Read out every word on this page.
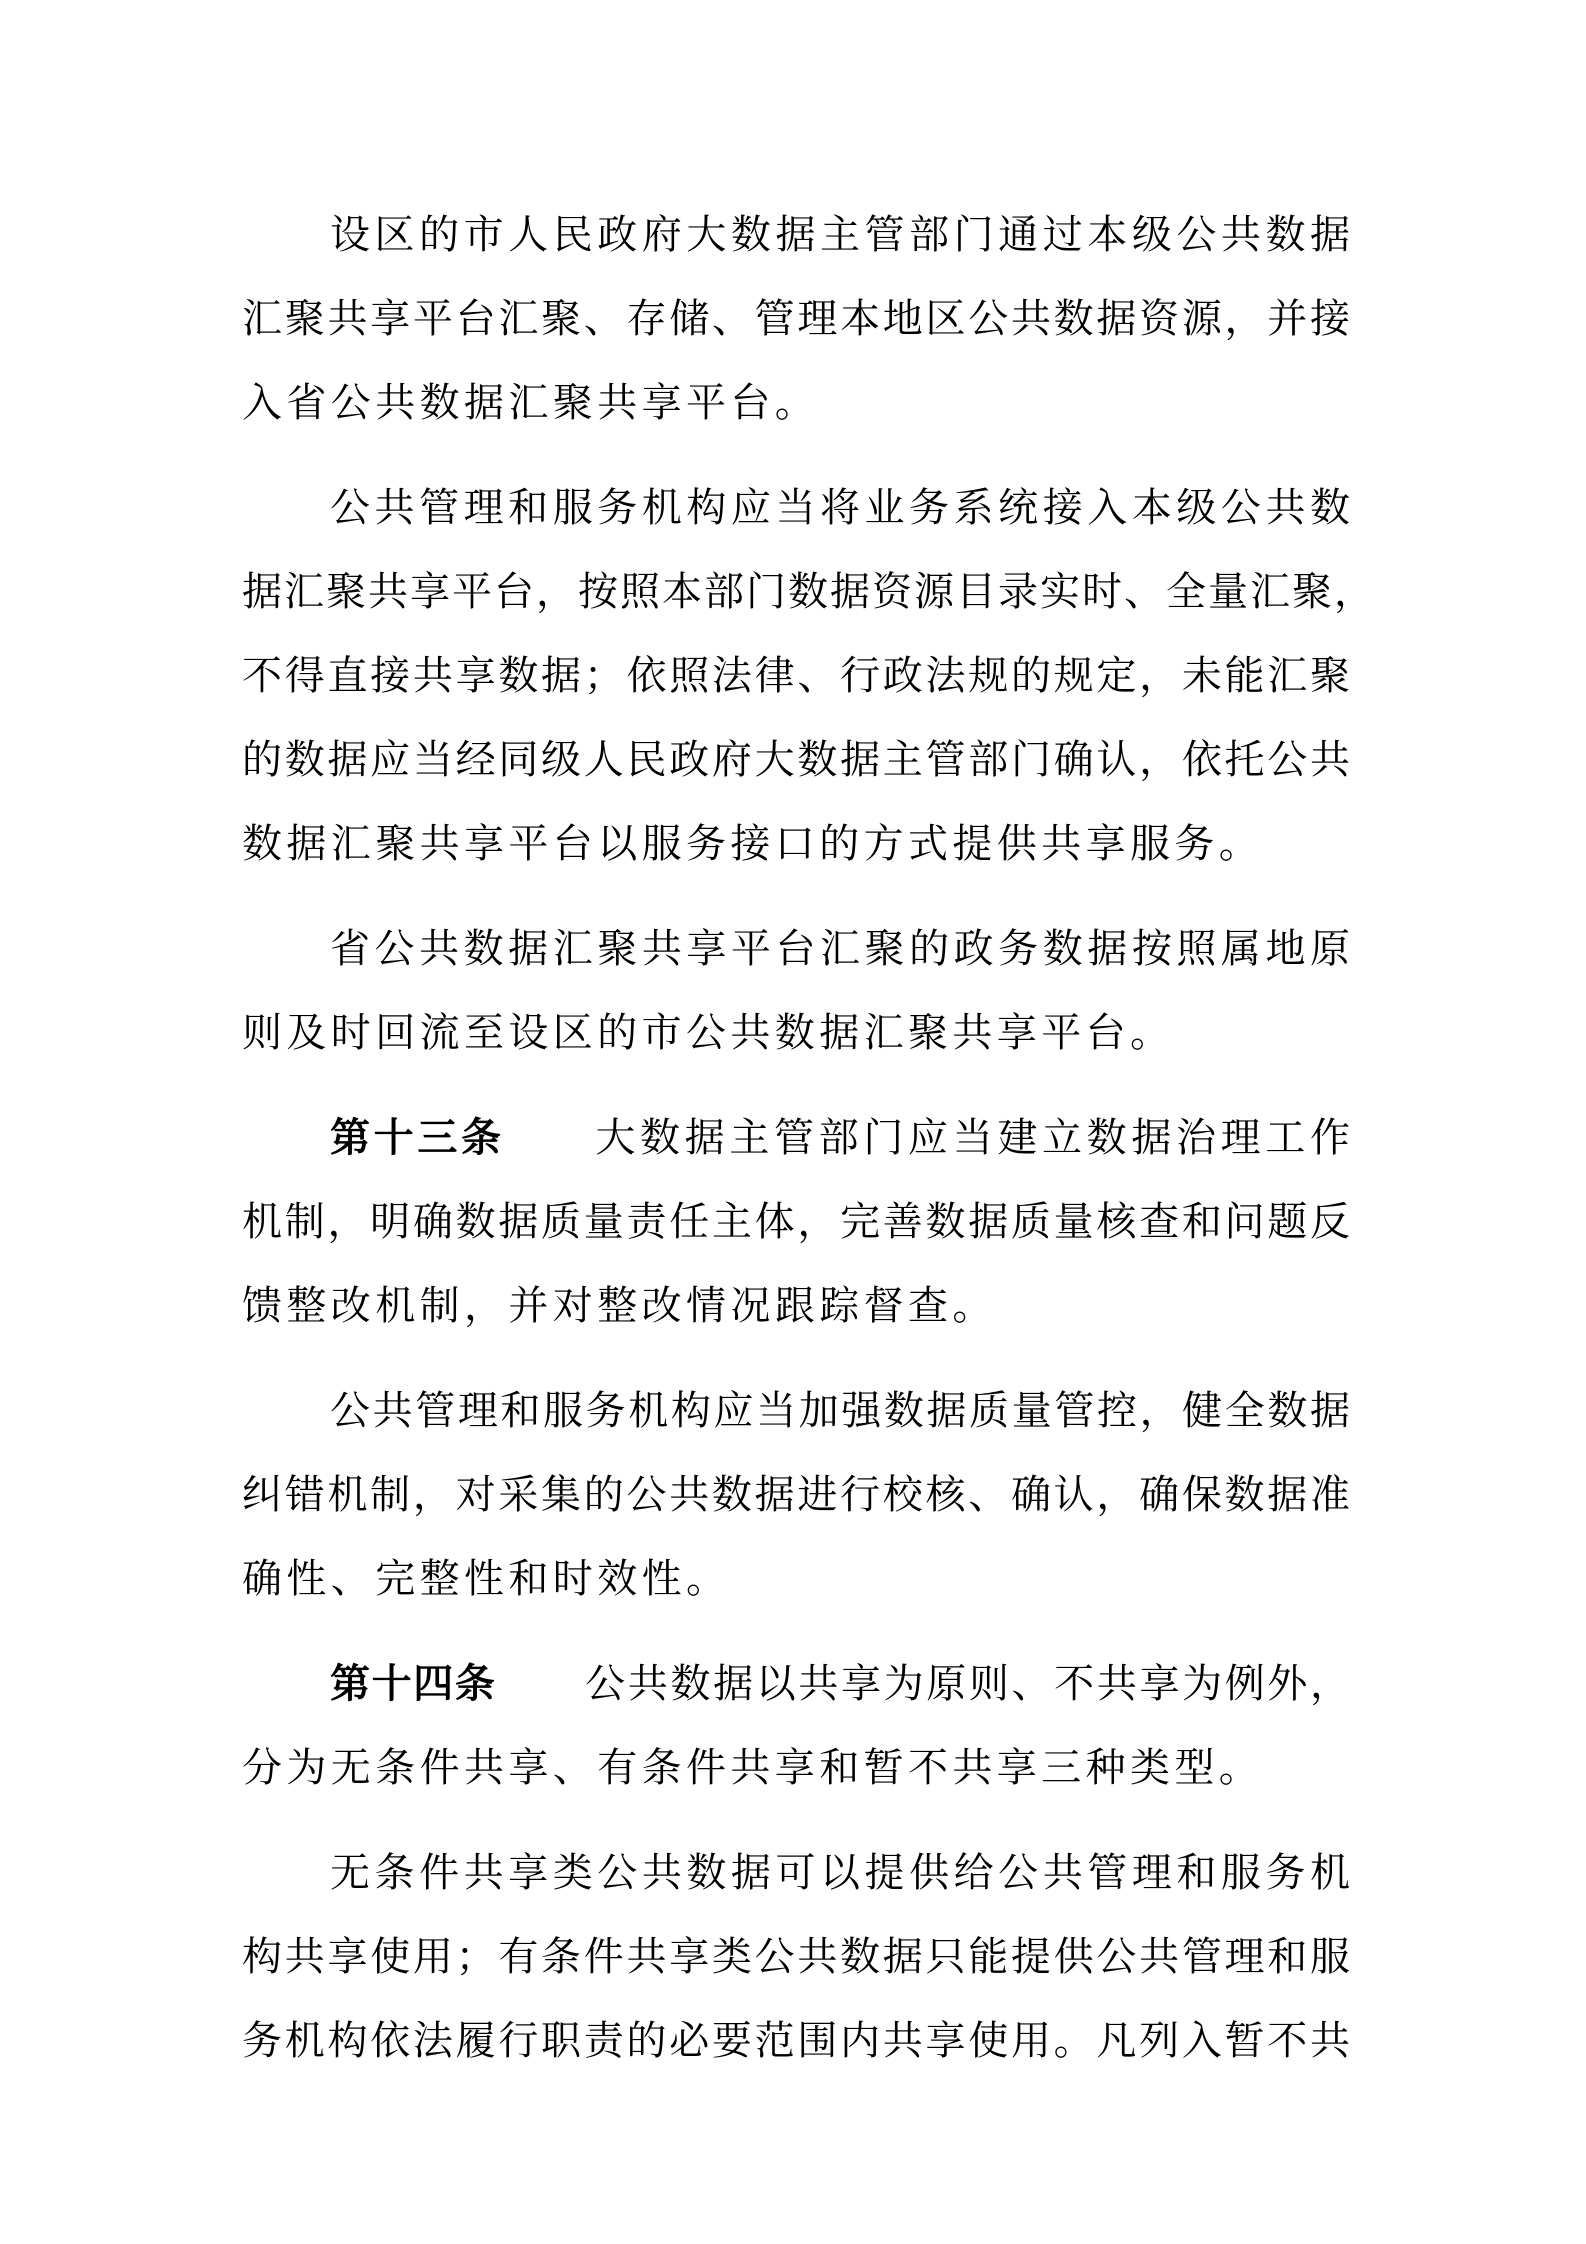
设区的市人民政府大数据主管部门通过本级公共数据
汇聚共享平台汇聚、存储、管理本地区公共数据资源，并接
入省公共数据汇聚共享平台。
公共管理和服务机构应当将业务系统接入本级公共数
据汇聚共享平台，按照本部门数据资源目录实时、全量汇聚，
不得直接共享数据；依照法律、行政法规的规定，未能汇聚
的数据应当经同级人民政府大数据主管部门确认，依托公共
数据汇聚共享平台以服务接口的方式提供共享服务。
省公共数据汇聚共享平台汇聚的政务数据按照属地原
则及时回流至设区的市公共数据汇聚共享平台。
第十三条 大数据主管部门应当建立数据治理工作
机制，明确数据质量责任主体，完善数据质量核查和问题反
馈整改机制，并对整改情况跟踪督查。
公共管理和服务机构应当加强数据质量管控，健全数据
纠错机制，对采集的公共数据进行校核、确认，确保数据准
确性、完整性和时效性。
第十四条 公共数据以共享为原则、不共享为例外，
分为无条件共享、有条件共享和暂不共享三种类型。
无条件共享类公共数据可以提供给公共管理和服务机
构共享使用；有条件共享类公共数据只能提供公共管理和服
务机构依法履行职责的必要范围内共享使用。凡列入暂不共
